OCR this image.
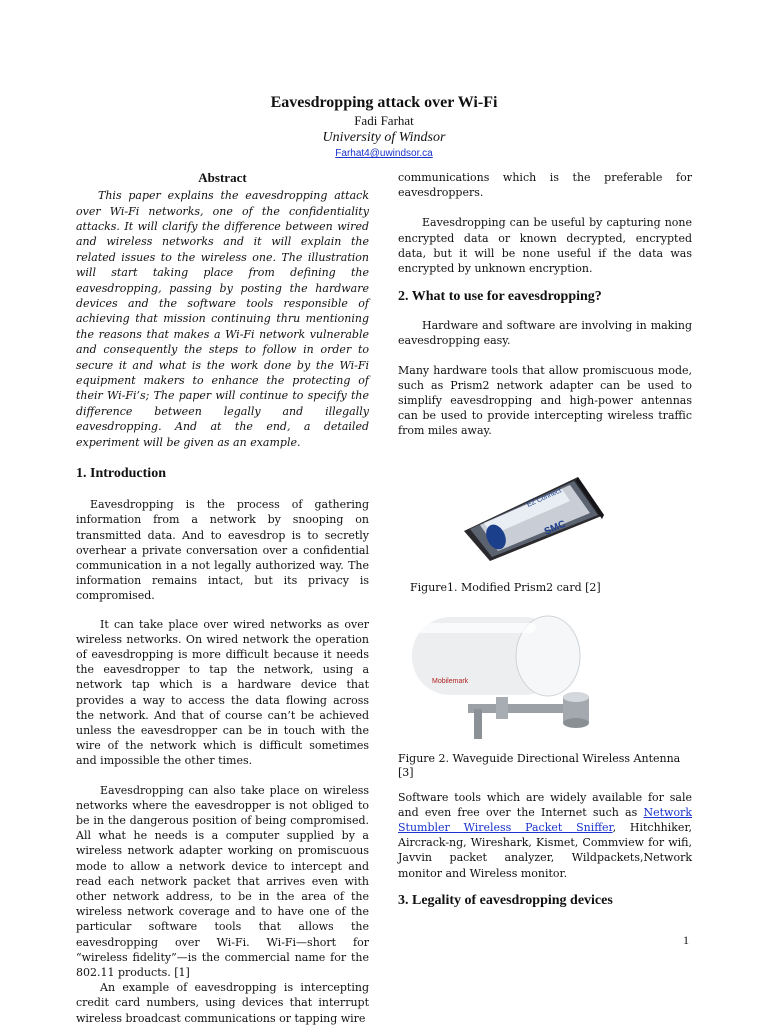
Eavesdropping attack over Wi-Fi
Fadi Farhat
University of Windsor
Farhat4@uwindsor.ca
Abstract

This paper explains the eavesdropping attack over Wi-Fi networks, one of the confidentiality attacks. It will clarify the difference between wired and wireless networks and it will explain the related issues to the wireless one. The illustration will start taking place from defining the eavesdropping, passing by posting the hardware devices and the software tools responsible of achieving that mission continuing thru mentioning the reasons that makes a Wi-Fi network vulnerable and consequently the steps to follow in order to secure it and what is the work done by the Wi-Fi equipment makers to enhance the protecting of their Wi-Fi’s; The paper will continue to specify the difference between legally and illegally eavesdropping. And at the end, a detailed experiment will be given as an example.

1. Introduction

Eavesdropping is the process of gathering information from a network by snooping on transmitted data. And to eavesdrop is to secretly overhear a private conversation over a confidential communication in a not legally authorized way. The information remains intact, but its privacy is compromised.

It can take place over wired networks as over wireless networks. On wired network the operation of eavesdropping is more difficult because it needs the eavesdropper to tap the network, using a network tap which is a hardware device that provides a way to access the data flowing across the network. And that of course can’t be achieved unless the eavesdropper can be in touch with the wire of the network which is difficult sometimes and impossible the other times.

Eavesdropping can also take place on wireless networks where the eavesdropper is not obliged to be in the dangerous position of being compromised. All what he needs is a computer supplied by a wireless network adapter working on promiscuous mode to allow a network device to intercept and read each network packet that arrives even with other network address, to be in the area of the wireless network coverage and to have one of the particular software tools that allows the eavesdropping over Wi-Fi. Wi-Fi—short for “wireless fidelity”—is the commercial name for the 802.11 products. [1]

An example of eavesdropping is intercepting credit card numbers, using devices that interrupt wireless broadcast communications or tapping wire

communications which is the preferable for eavesdroppers.

Eavesdropping can be useful by capturing none encrypted data or known decrypted, encrypted data, but it will be none useful if the data was encrypted by unknown encryption.

2. What to use for eavesdropping?

Hardware and software are involving in making eavesdropping easy.

Many hardware tools that allow promiscuous mode, such as Prism2 network adapter can be used to simplify eavesdropping and high-power antennas can be used to provide intercepting wireless traffic from miles away.

EZ Connect
SMC
Figure1. Modified Prism2 card [2]
Mobilemark
Figure 2. Waveguide Directional Wireless Antenna [3]

Software tools which are widely available for sale and even free over the Internet such as Network Stumbler Wireless Packet Sniffer, Hitchhiker, Aircrack-ng, Wireshark, Kismet, Commview for wifi, Javvin packet analyzer, Wildpackets,Network monitor and Wireless monitor.

3. Legality of eavesdropping devices
1
